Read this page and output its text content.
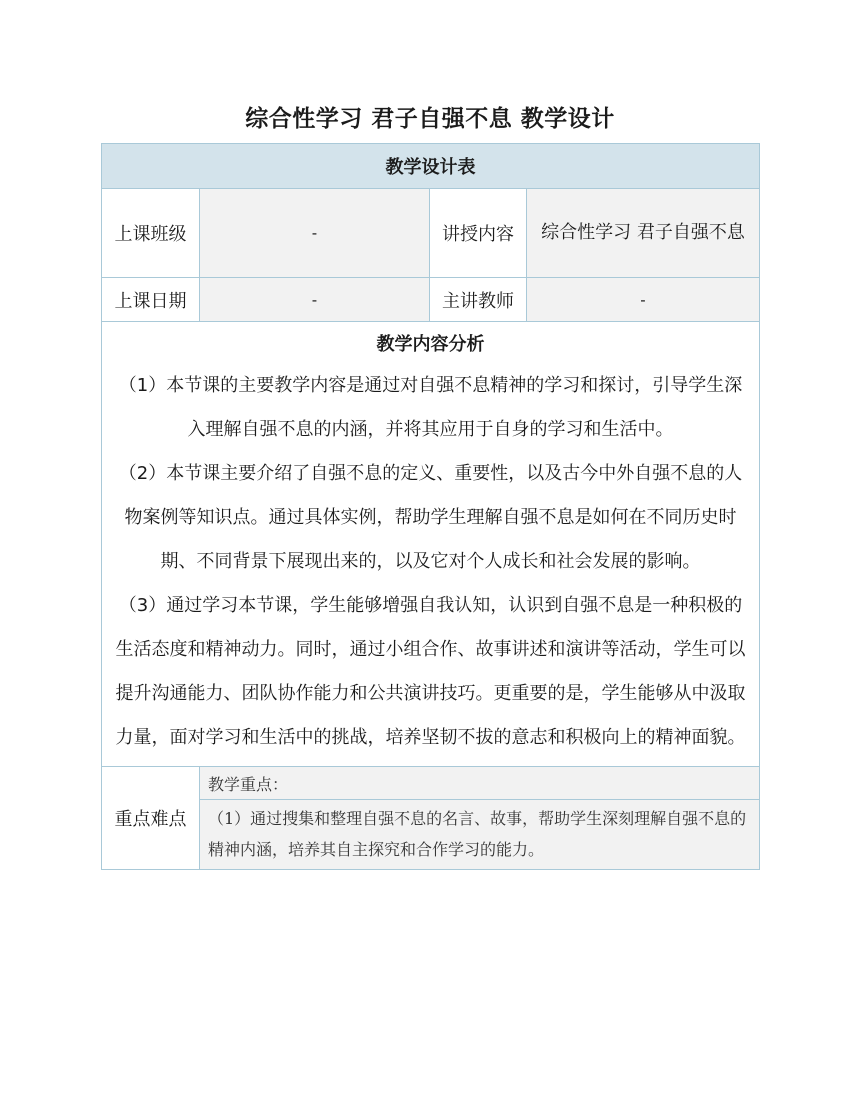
综合性学习 君子自强不息 教学设计
教学设计表			
上课班级	-	讲授内容	综合性学习 君子自强不息
上课日期	-	主讲教师	-

教学内容分析

（1）本节课的主要教学内容是通过对自强不息精神的学习和探讨，引导学生深入理解自强不息的内涵，并将其应用于自身的学习和生活中。

（2）本节课主要介绍了自强不息的定义、重要性，以及古今中外自强不息的人物案例等知识点。通过具体实例，帮助学生理解自强不息是如何在不同历史时期、不同背景下展现出来的，以及它对个人成长和社会发展的影响。

（3）通过学习本节课，学生能够增强自我认知，认识到自强不息是一种积极的生活态度和精神动力。同时，通过小组合作、故事讲述和演讲等活动，学生可以提升沟通能力、团队协作能力和公共演讲技巧。更重要的是，学生能够从中汲取力量，面对学习和生活中的挑战，培养坚韧不拔的意志和积极向上的精神面貌。			

重点难点	教学重点：		
	（1）通过搜集和整理自强不息的名言、故事，帮助学生深刻理解自强不息的精神内涵，培养其自主探究和合作学习的能力。		
